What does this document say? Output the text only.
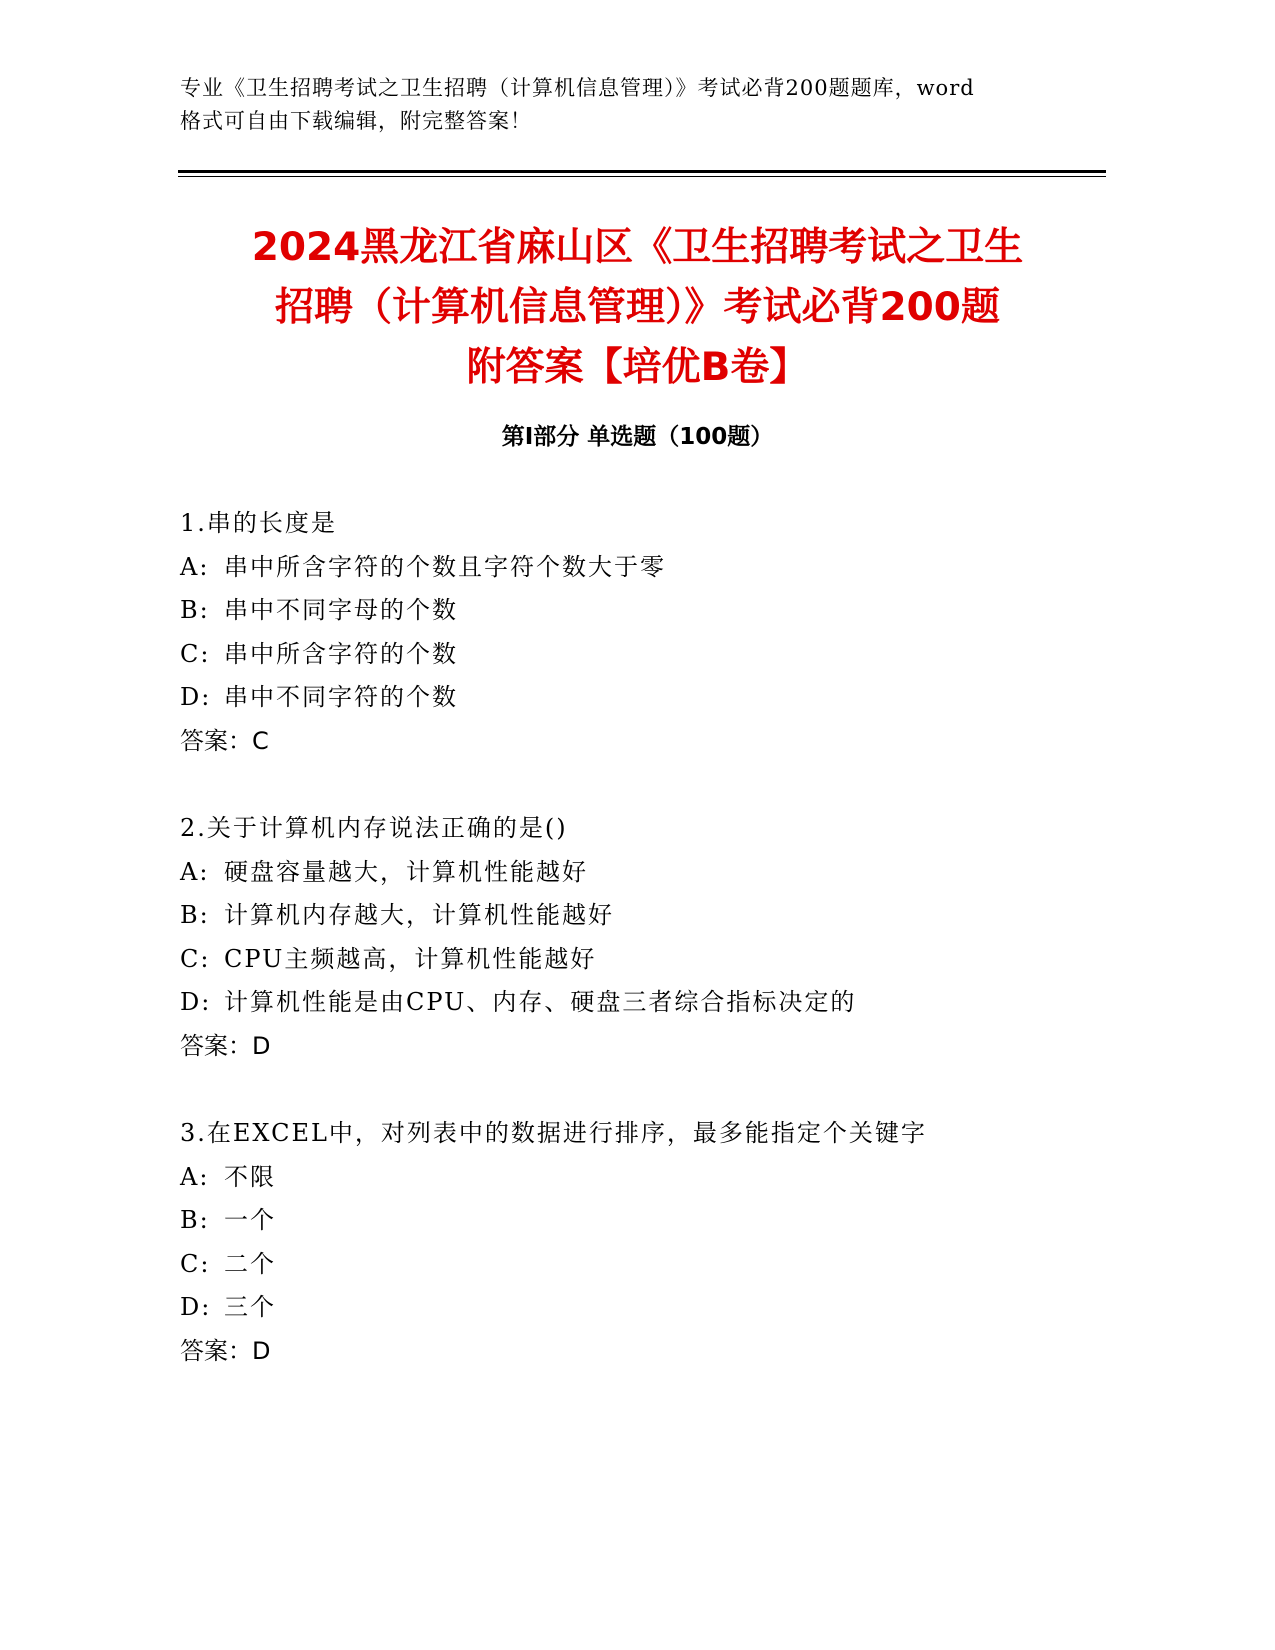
专业《卫生招聘考试之卫生招聘（计算机信息管理）》考试必背200题题库，word
格式可自由下载编辑，附完整答案！
2024黑龙江省麻山区《卫生招聘考试之卫生
招聘（计算机信息管理）》考试必背200题
附答案【培优B卷】
第Ⅰ部分 单选题（100题）
1.串的长度是
A: 串中所含字符的个数且字符个数大于零
B: 串中不同字母的个数
C: 串中所含字符的个数
D: 串中不同字符的个数
答案：C
2.关于计算机内存说法正确的是()
A: 硬盘容量越大，计算机性能越好
B: 计算机内存越大，计算机性能越好
C: CPU主频越高，计算机性能越好
D: 计算机性能是由CPU、内存、硬盘三者综合指标决定的
答案：D
3.在EXCEL中，对列表中的数据进行排序，最多能指定个关键字
A: 不限
B: 一个
C: 二个
D: 三个
答案：D
